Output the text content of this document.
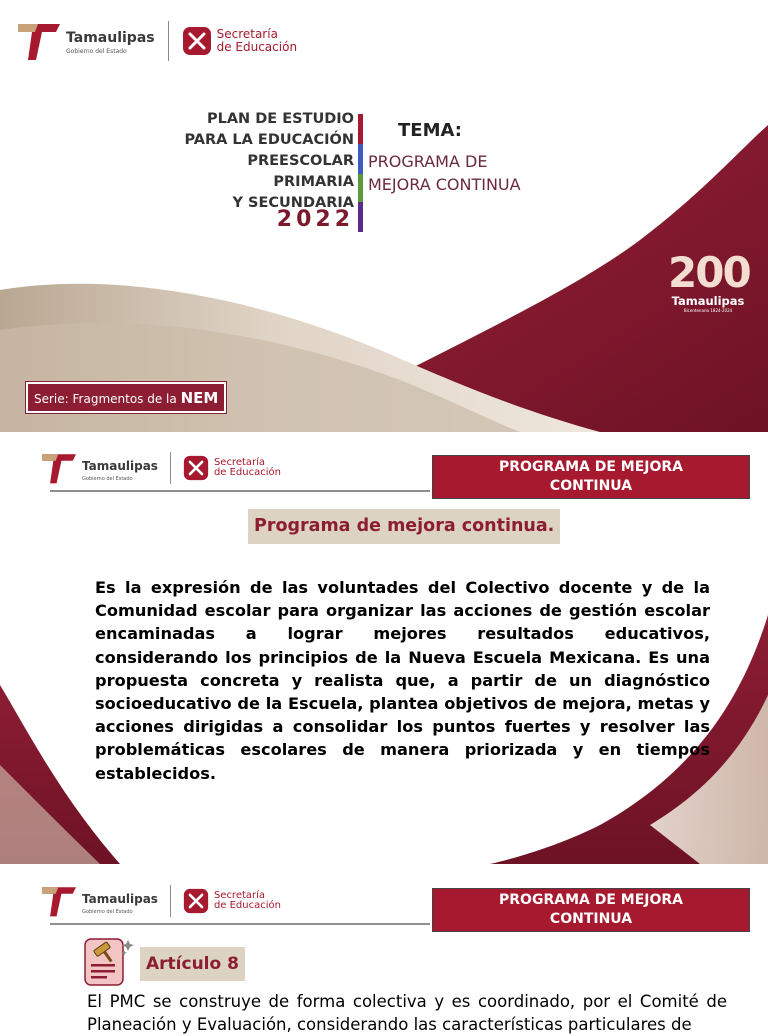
Tamaulipas
Gobierno del Estado
Secretaría
de Educación
PLAN DE ESTUDIO
PARA LA EDUCACIÓN
PREESCOLAR
PRIMARIA
Y SECUNDARIA
2022
TEMA:
PROGRAMA DE
MEJORA CONTINUA
200
Tamaulipas
Bicentenario 1824-2024
Serie: Fragmentos de la NEM
Tamaulipas
Gobierno del Estado
Secretaría
de Educación	PROGRAMA DE MEJORA
CONTINUA
Programa de mejora continua.
Es la expresión de las voluntades del Colectivo docente y de la Comunidad escolar para organizar las acciones de gestión escolar encaminadas a lograr mejores resultados educativos, considerando los principios de la Nueva Escuela Mexicana. Es una propuesta concreta y realista que, a partir de un diagnóstico socioeducativo de la Escuela, plantea objetivos de mejora, metas y acciones dirigidas a consolidar los puntos fuertes y resolver las problemáticas escolares de manera priorizada y en tiempos establecidos.
Tamaulipas
Gobierno del Estado
Secretaría
de Educación	PROGRAMA DE MEJORA
CONTINUA
Artículo 8
El PMC se construye de forma colectiva y es coordinado, por el Comité de Planeación y Evaluación, considerando las características particulares de
